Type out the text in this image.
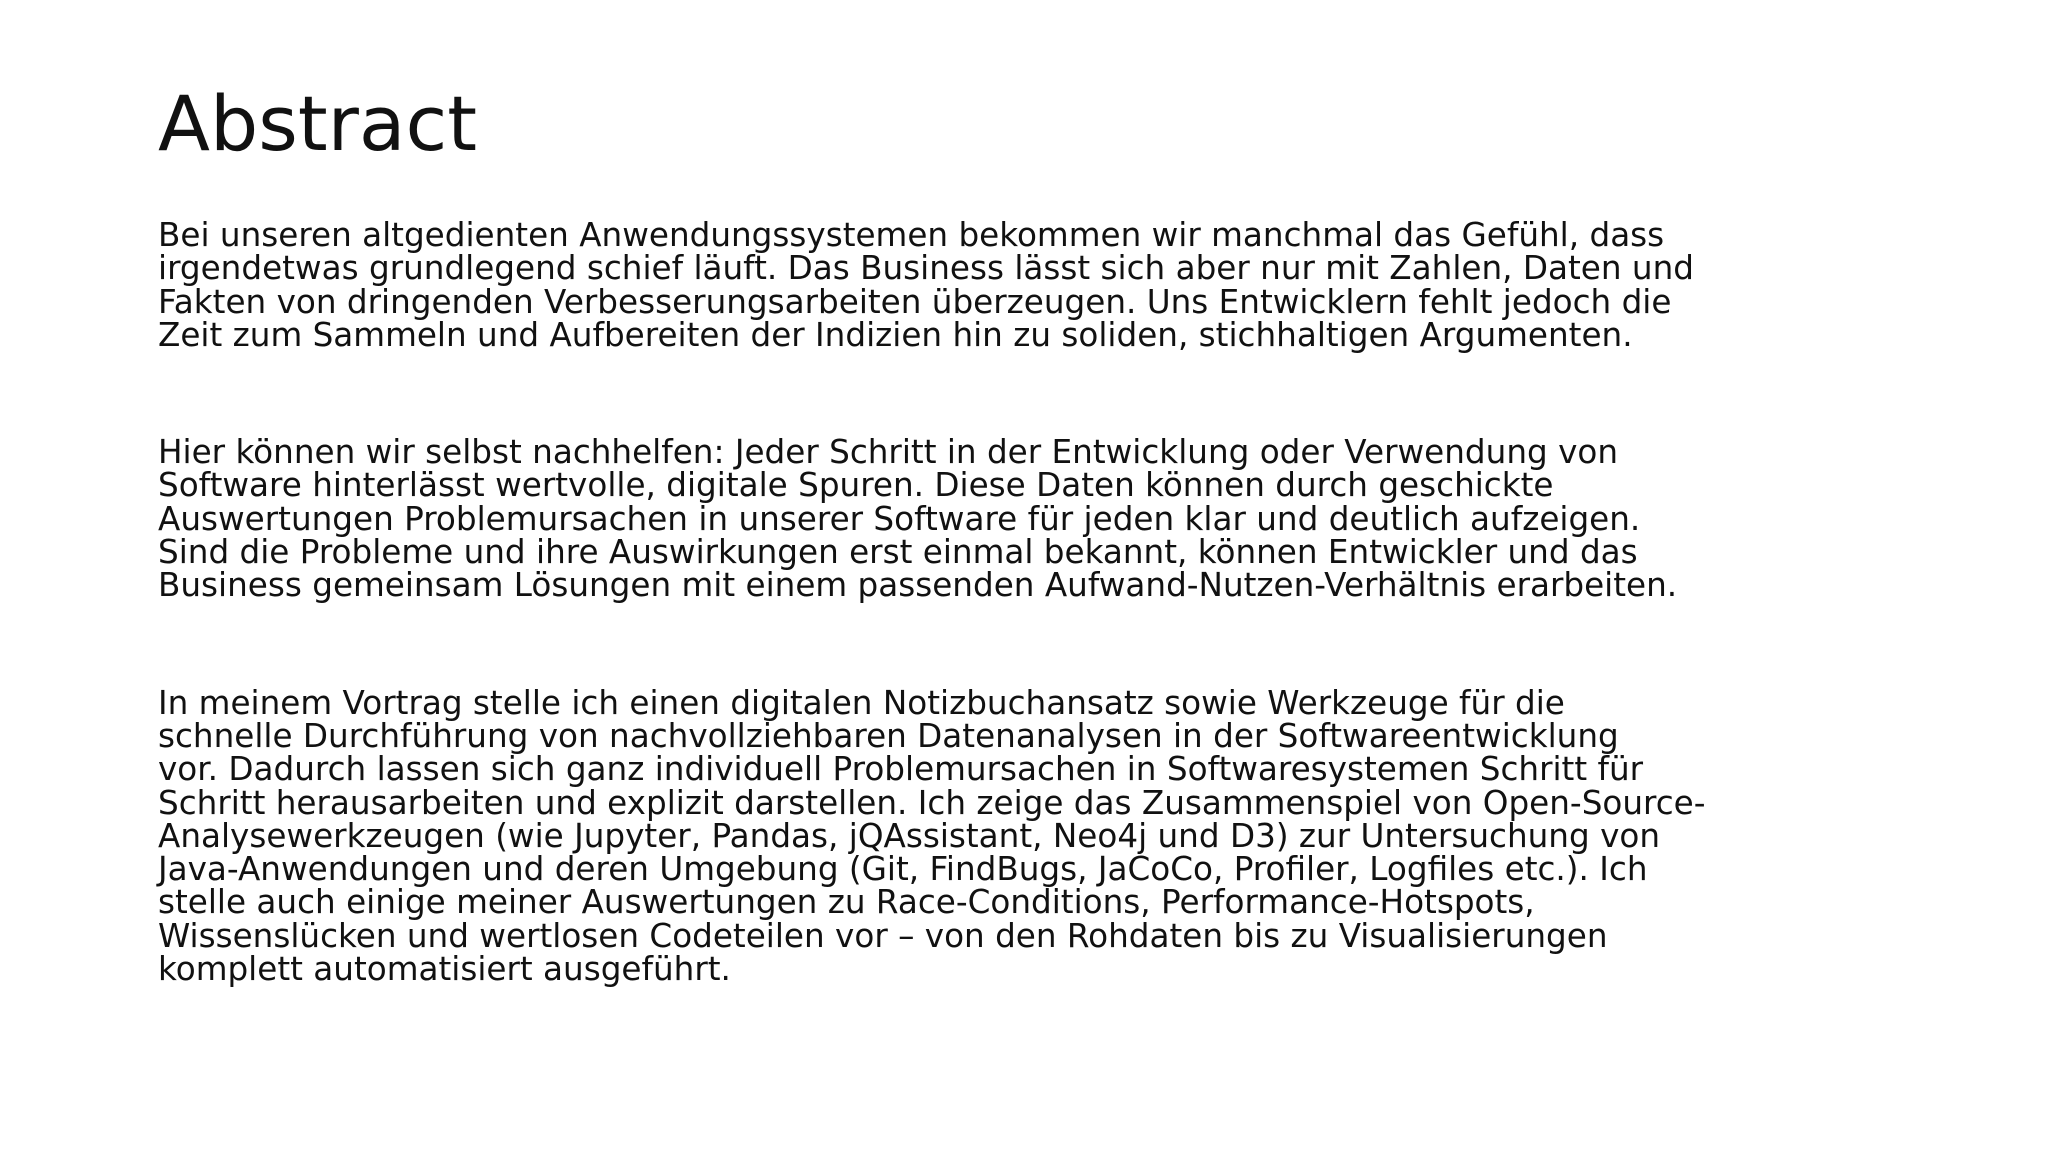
Abstract

Bei unseren altgedienten Anwendungssystemen bekommen wir manchmal das Gefühl, dass
irgendetwas grundlegend schief läuft. Das Business lässt sich aber nur mit Zahlen, Daten und
Fakten von dringenden Verbesserungsarbeiten überzeugen. Uns Entwicklern fehlt jedoch die
Zeit zum Sammeln und Aufbereiten der Indizien hin zu soliden, stichhaltigen Argumenten.

Hier können wir selbst nachhelfen: Jeder Schritt in der Entwicklung oder Verwendung von
Software hinterlässt wertvolle, digitale Spuren. Diese Daten können durch geschickte
Auswertungen Problemursachen in unserer Software für jeden klar und deutlich aufzeigen.
Sind die Probleme und ihre Auswirkungen erst einmal bekannt, können Entwickler und das
Business gemeinsam Lösungen mit einem passenden Aufwand-Nutzen-Verhältnis erarbeiten.

In meinem Vortrag stelle ich einen digitalen Notizbuchansatz sowie Werkzeuge für die
schnelle Durchführung von nachvollziehbaren Datenanalysen in der Softwareentwicklung
vor. Dadurch lassen sich ganz individuell Problemursachen in Softwaresystemen Schritt für
Schritt herausarbeiten und explizit darstellen. Ich zeige das Zusammenspiel von Open-Source-
Analysewerkzeugen (wie Jupyter, Pandas, jQAssistant, Neo4j und D3) zur Untersuchung von
Java-Anwendungen und deren Umgebung (Git, FindBugs, JaCoCo, Profiler, Logfiles etc.). Ich
stelle auch einige meiner Auswertungen zu Race-Conditions, Performance-Hotspots,
Wissenslücken und wertlosen Codeteilen vor – von den Rohdaten bis zu Visualisierungen
komplett automatisiert ausgeführt.
